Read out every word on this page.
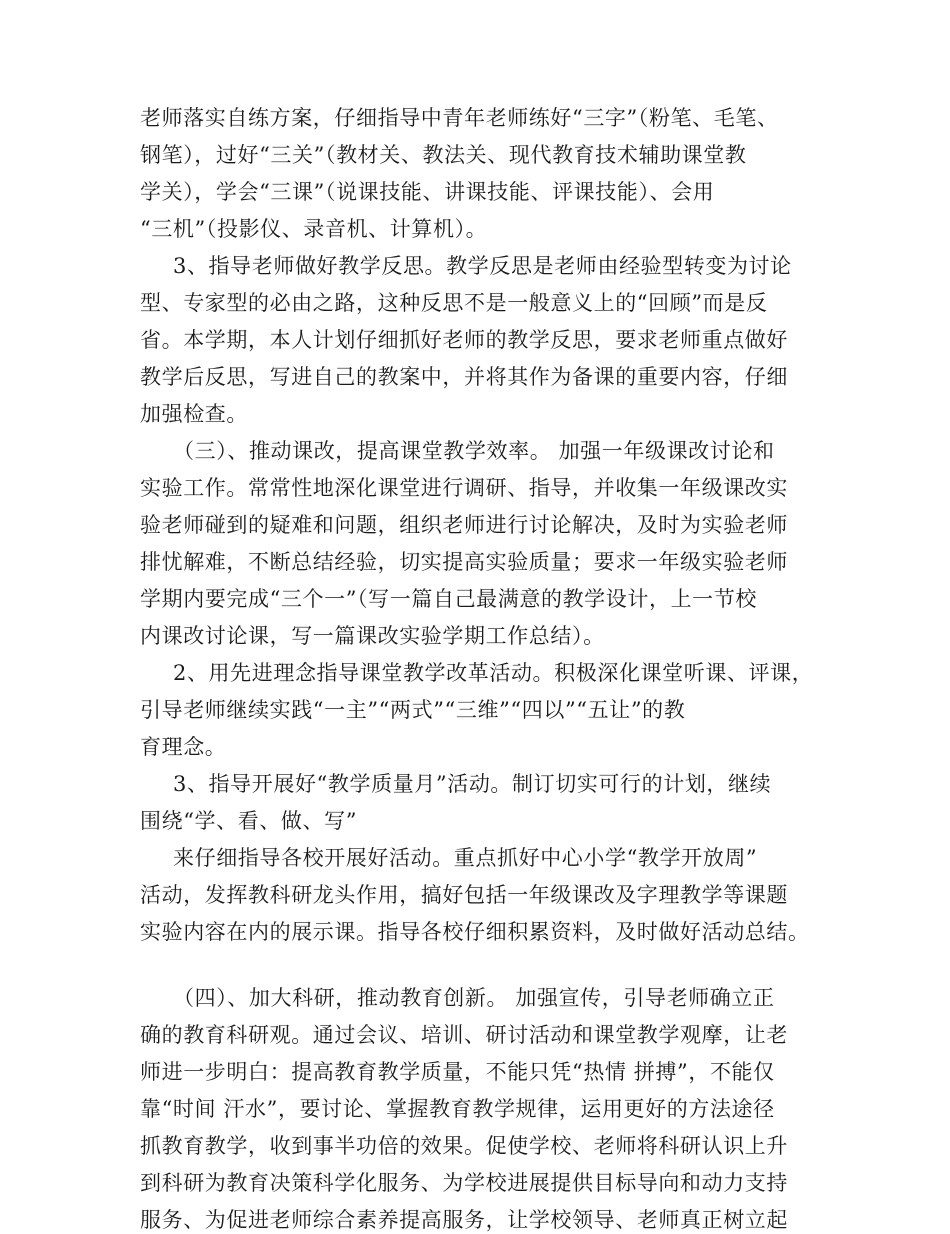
老师落实自练方案，仔细指导中青年老师练好“三字”（粉笔、毛笔、
钢笔），过好“三关”（教材关、教法关、现代教育技术辅助课堂教
学关），学会“三课”（说课技能、讲课技能、评课技能）、会用
“三机”（投影仪、录音机、计算机）。
3、指导老师做好教学反思。教学反思是老师由经验型转变为讨论
型、专家型的必由之路，这种反思不是一般意义上的“回顾”而是反
省。本学期，本人计划仔细抓好老师的教学反思，要求老师重点做好
教学后反思，写进自己的教案中，并将其作为备课的重要内容，仔细
加强检查。
（三）、推动课改，提高课堂教学效率。 加强一年级课改讨论和
实验工作。常常性地深化课堂进行调研、指导，并收集一年级课改实
验老师碰到的疑难和问题，组织老师进行讨论解决，及时为实验老师
排忧解难，不断总结经验，切实提高实验质量；要求一年级实验老师
学期内要完成“三个一”（写一篇自己最满意的教学设计，上一节校
内课改讨论课，写一篇课改实验学期工作总结）。
2、用先进理念指导课堂教学改革活动。积极深化课堂听课、评课，
引导老师继续实践“一主”“两式”“三维”“四以”“五让”的教
育理念。
3、指导开展好“教学质量月”活动。制订切实可行的计划，继续
围绕“学、看、做、写”
来仔细指导各校开展好活动。重点抓好中心小学“教学开放周”
活动，发挥教科研龙头作用，搞好包括一年级课改及字理教学等课题
实验内容在内的展示课。指导各校仔细积累资料，及时做好活动总结。
（四）、加大科研，推动教育创新。 加强宣传，引导老师确立正
确的教育科研观。通过会议、培训、研讨活动和课堂教学观摩，让老
师进一步明白：提高教育教学质量，不能只凭“热情 拼搏”，不能仅
靠“时间 汗水”，要讨论、掌握教育教学规律，运用更好的方法途径
抓教育教学，收到事半功倍的效果。促使学校、老师将科研认识上升
到科研为教育决策科学化服务、为学校进展提供目标导向和动力支持
服务、为促进老师综合素养提高服务，让学校领导、老师真正树立起
